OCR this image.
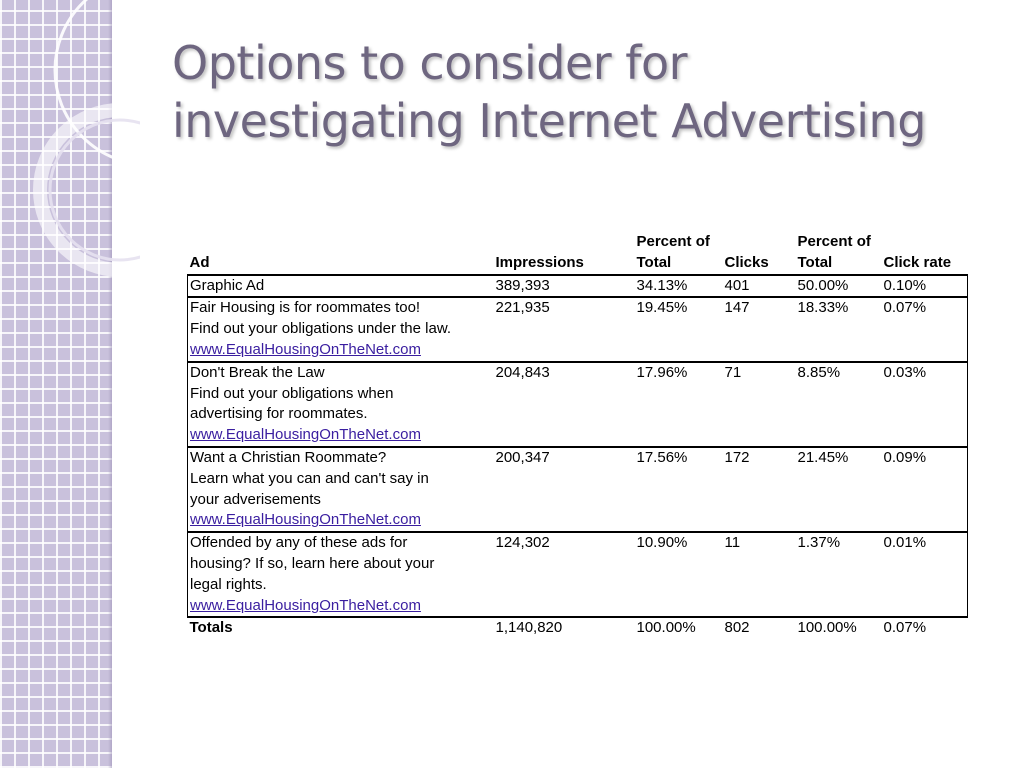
Options to consider for
investigating Internet Advertising
		Percent of		Percent of	
Ad	Impressions	Total	Clicks	Total	Click rate

Graphic Ad	389,393	34.13%	401	50.00%	0.10%

Fair Housing is for roommates too!
Find out your obligations under the law.
www.EqualHousingOnTheNet.com	221,935	19.45%	147	18.33%	0.07%

Don't Break the Law
Find out your obligations when
advertising for roommates.
www.EqualHousingOnTheNet.com	204,843	17.96%	71	8.85%	0.03%

Want a Christian Roommate?
Learn what you can and can't say in
your adverisements
www.EqualHousingOnTheNet.com	200,347	17.56%	172	21.45%	0.09%

Offended by any of these ads for
housing? If so, learn here about your
legal rights.
www.EqualHousingOnTheNet.com	124,302	10.90%	11	1.37%	0.01%
Totals	1,140,820	100.00%	802	100.00%	0.07%
